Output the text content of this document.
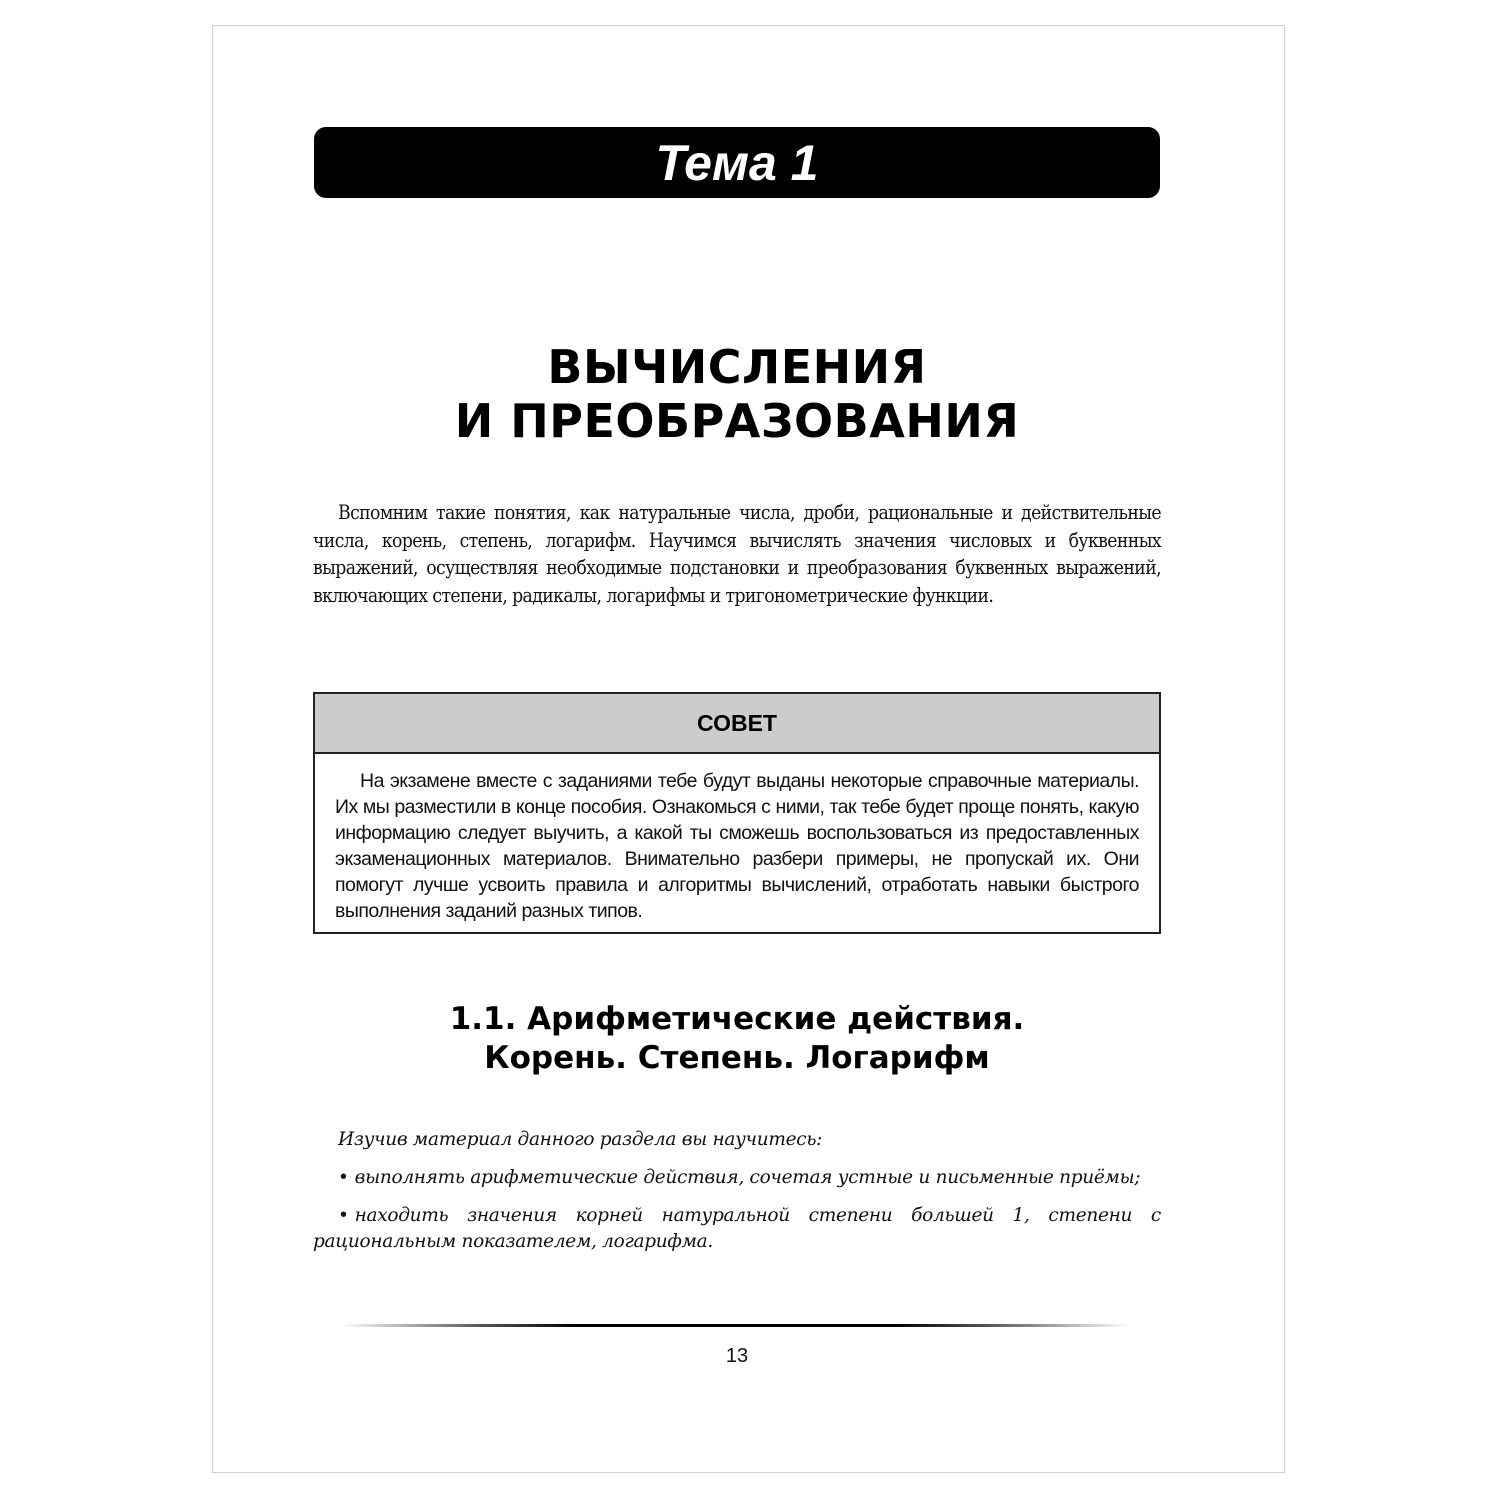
Тема 1
ВЫЧИСЛЕНИЯ
И ПРЕОБРАЗОВАНИЯ
Вспомним такие понятия, как натуральные числа, дроби, рациональные и действительные числа, корень, степень, логарифм. Научимся вычислять значения числовых и буквенных выражений, осуществляя необходимые подстановки и преобразования буквенных выражений, включающих степени, радикалы, логарифмы и тригонометрические функции.
СОВЕТ
На экзамене вместе с заданиями тебе будут выданы некоторые справочные материалы. Их мы разместили в конце пособия. Ознакомься с ними, так тебе будет проще понять, какую информацию следует выучить, а какой ты сможешь воспользоваться из предоставленных экзаменационных материалов. Внимательно разбери примеры, не пропускай их. Они помогут лучше усвоить правила и алгоритмы вычислений, отработать навыки быстрого выполнения заданий разных типов.
1.1. Арифметические действия.
Корень. Степень. Логарифм

Изучив материал данного раздела вы научитесь:

• выполнять арифметические действия, сочетая устные и письменные приёмы;

• находить значения корней натуральной степени большей 1, степени с рациональным показателем, логарифма.

13
